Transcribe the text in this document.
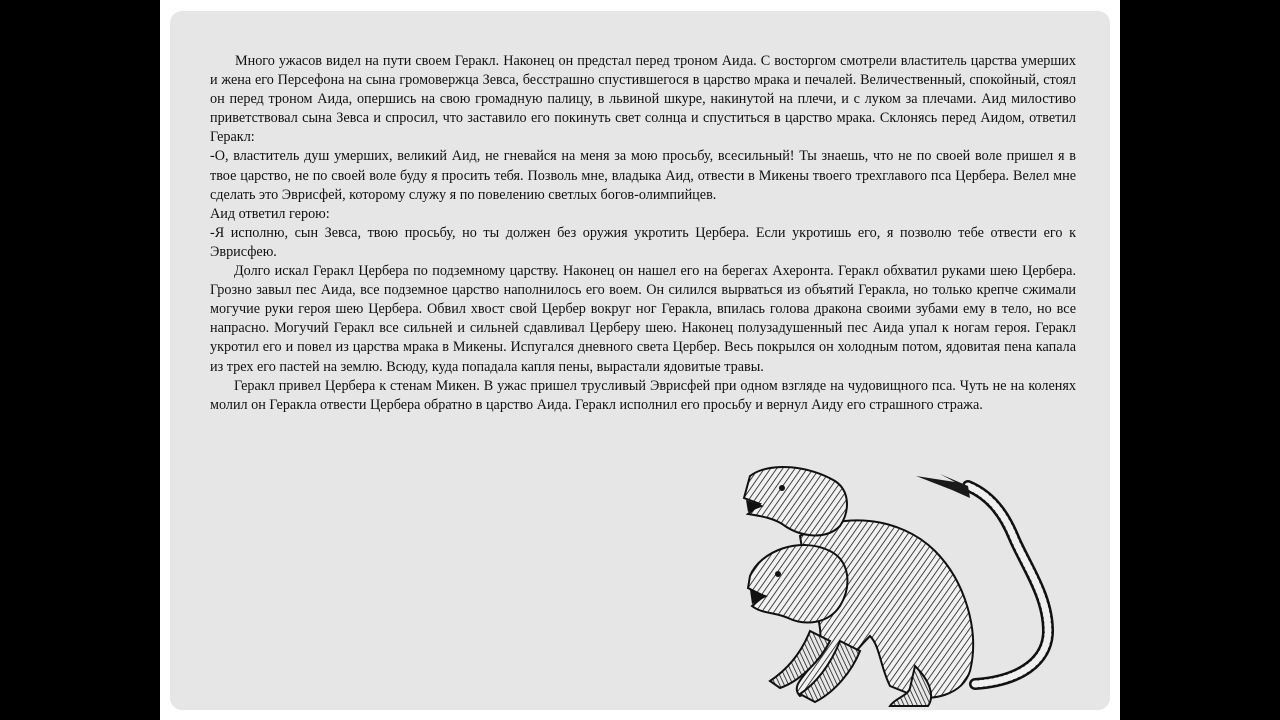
Много ужасов видел на пути своем Геракл. Наконец он предстал перед троном Аида. С восторгом смотрели властитель царства умерших и жена его Персефона на сына громовержца Зевса, бесстрашно спустившегося в царство мрака и печалей. Величественный, спокойный, стоял он перед троном Аида, опершись на свою громадную палицу, в львиной шкуре, накинутой на плечи, и с луком за плечами. Аид милостиво приветствовал сына Зевса и спросил, что заставило его покинуть свет солнца и спуститься в царство мрака. Склонясь перед Аидом, ответил Геракл:

-О, властитель душ умерших, великий Аид, не гневайся на меня за мою просьбу, всесильный! Ты знаешь, что не по своей воле пришел я в твое царство, не по своей воле буду я просить тебя. Позволь мне, владыка Аид, отвести в Микены твоего трехглавого пса Цербера. Велел мне сделать это Эврисфей, которому служу я по повелению светлых богов-олимпийцев.

Аид ответил герою:

-Я исполню, сын Зевса, твою просьбу, но ты должен без оружия укротить Цербера. Если укротишь его, я позволю тебе отвести его к Эврисфею.

Долго искал Геракл Цербера по подземному царству. Наконец он нашел его на берегах Ахеронта. Геракл обхватил руками шею Цербера. Грозно завыл пес Аида, все подземное царство наполнилось его воем. Он силился вырваться из объятий Геракла, но только крепче сжимали могучие руки героя шею Цербера. Обвил хвост свой Цербер вокруг ног Геракла, впилась голова дракона своими зубами ему в тело, но все напрасно. Могучий Геракл все сильней и сильней сдавливал Церберу шею. Наконец полузадушенный пес Аида упал к ногам героя. Геракл укротил его и повел из царства мрака в Микены. Испугался дневного света Цербер. Весь покрылся он холодным потом, ядовитая пена капала из трех его пастей на землю. Всюду, куда попадала капля пены, вырастали ядовитые травы.

Геракл привел Цербера к стенам Микен. В ужас пришел трусливый Эврисфей при одном взгляде на чудовищного пса. Чуть не на коленях молил он Геракла отвести Цербера обратно в царство Аида. Геракл исполнил его просьбу и вернул Аиду его страшного стража.
